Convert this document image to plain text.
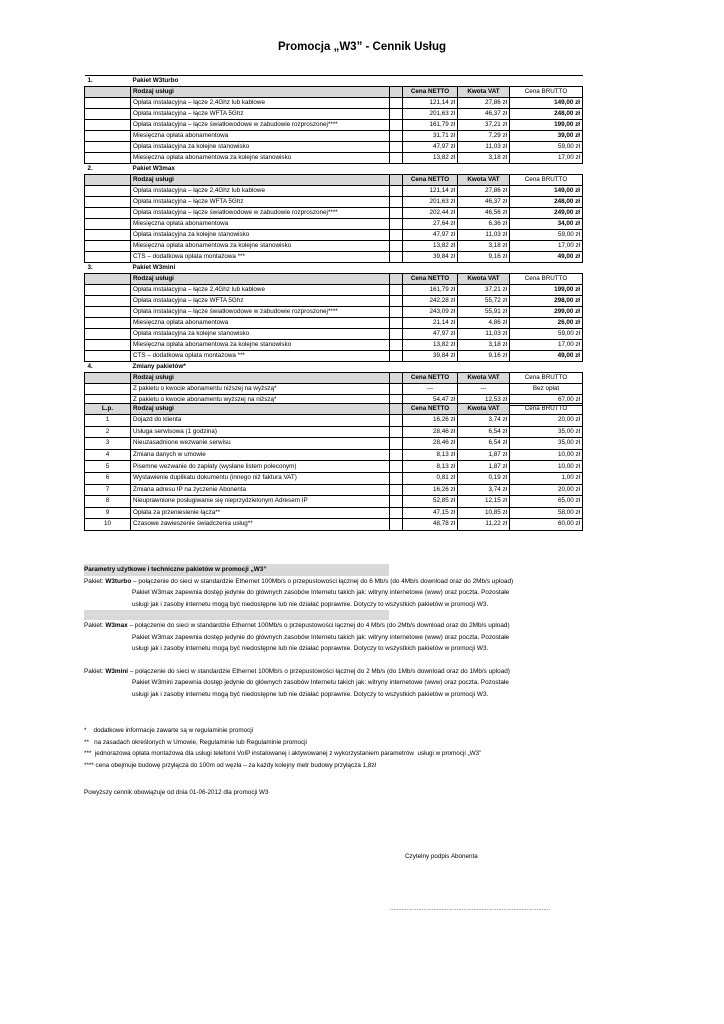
Promocja „W3” - Cennik Usług
1.	Pakiet W3turbo				
	Rodzaj usługi		Cena NETTO	Kwota VAT	Cena BRUTTO
	Opłata instalacyjna – łącze 2,4Ghz lub kablowe		121,14 zł	27,86 zł	149,00 zł
	Opłata instalacyjna – łącze WFTA 5Ghz		201,63 zł	46,37 zł	248,00 zł
	Opłata instalacyjna – łącze światłowodowe w zabudowie rozproszonej****		161,79 zł	37,21 zł	199,00 zł
	Miesięczna opłata abonamentowa		31,71 zł	7,29 zł	39,00 zł
	Opłata instalacyjna za kolejne stanowisko		47,97 zł	11,03 zł	59,00 zł
	Miesięczna opłata abonamentowa za kolejne stanowisko		13,82 zł	3,18 zł	17,00 zł
2.	Pakiet W3max				
	Rodzaj usługi		Cena NETTO	Kwota VAT	Cena BRUTTO
	Opłata instalacyjna – łącze 2,4Ghz lub kablowe		121,14 zł	27,86 zł	149,00 zł
	Opłata instalacyjna – łącze WFTA 5Ghz		201,63 zł	46,37 zł	248,00 zł
	Opłata instalacyjna – łącze światłowodowe w zabudowie rozproszonej****		202,44 zł	46,56 zł	249,00 zł
	Miesięczna opłata abonamentowa		27,64 zł	6,36 zł	34,00 zł
	Opłata instalacyjna za kolejne stanowisko		47,97 zł	11,03 zł	59,00 zł
	Miesięczna opłata abonamentowa za kolejne stanowisko		13,82 zł	3,18 zł	17,00 zł
	CTS – dodatkowa opłata montażowa ***		39,84 zł	9,16 zł	49,00 zł
3.	Pakiet W3mini				
	Rodzaj usługi		Cena NETTO	Kwota VAT	Cena BRUTTO
	Opłata instalacyjna – łącze 2,4Ghz lub kablowe		161,79 zł	37,21 zł	199,00 zł
	Opłata instalacyjna – łącze WFTA 5Ghz		242,28 zł	55,72 zł	298,00 zł
	Opłata instalacyjna – łącze światłowodowe w zabudowie rozproszonej****		243,09 zł	55,91 zł	299,00 zł
	Miesięczna opłata abonamentowa		21,14 zł	4,86 zł	26,00 zł
	Opłata instalacyjna za kolejne stanowisko		47,97 zł	11,03 zł	59,00 zł
	Miesięczna opłata abonamentowa za kolejne stanowisko		13,82 zł	3,18 zł	17,00 zł
	CTS – dodatkowa opłata montażowa ***		39,84 zł	9,16 zł	49,00 zł
4.	Zmiany pakietów*				
	Rodzaj usługi		Cena NETTO	Kwota VAT	Cena BRUTTO
	Z pakietu o kwocie abonamentu niższej na wyższą*		---	---	Bez opłat
	Z pakietu o kwocie abonamentu wyższej na niższą*		54,47 zł	12,53 zł	67,00 zł
L.p.	Rodzaj usługi		Cena NETTO	Kwota VAT	Cena BRUTTO
1	Dojazd do klienta		16,26 zł	3,74 zł	20,00 zł
2	Usługa serwisowa (1 godzina)		28,46 zł	6,54 zł	35,00 zł
3	Nieuzasadnione wezwanie serwisu		28,46 zł	6,54 zł	35,00 zł
4	Zmiana danych w umowie		8,13 zł	1,87 zł	10,00 zł
5	Pisemne wezwanie do zapłaty (wysłane listem poleconym)		8,13 zł	1,87 zł	10,00 zł
6	Wystawienie duplikatu dokumentu (innego niż faktura VAT)		0,81 zł	0,19 zł	1,00 zł
7	Zmiana adresu IP na życzenie Abonenta		16,26 zł	3,74 zł	20,00 zł
8	Nieuprawnione posługiwanie się nieprzydzielonym Adresem IP		52,85 zł	12,15 zł	65,00 zł
9	Opłata za przeniesienie łącza**		47,15 zł	10,85 zł	58,00 zł
10	Czasowe zawieszenie świadczenia usług**		48,78 zł	11,22 zł	60,00 zł
Parametry użytkowe i techniczne pakietów w promocji „W3”
Pakiet: W3turbo – połączenie do sieci w standardzie Ethernet 100Mb/s o przepustowości łącznej do 6 Mb/s (do 4Mb/s download oraz do 2Mb/s upload)
Pakiet W3max zapewnia dostęp jedynie do głównych zasobów Internetu takich jak: witryny internetowe (www) oraz poczta. Pozostałe
usługi jak i zasoby internetu mogą być niedostępne lub nie działać poprawnie. Dotyczy to wszystkich pakietów w promocji W3.
Pakiet: W3max – połączenie do sieci w standardzie Ethernet 100Mb/s o przepustowości łącznej do 4 Mb/s (do 2Mb/s download oraz do 2Mb/s upload)
Pakiet W3max zapewnia dostęp jedynie do głównych zasobów Internetu takich jak: witryny internetowe (www) oraz poczta. Pozostałe
usługi jak i zasoby internetu mogą być niedostępne lub nie działać poprawnie. Dotyczy to wszystkich pakietów w promocji W3.
Pakiet: W3mini – połączenie do sieci w standardzie Ethernet 100Mb/s o przepustowości łącznej do 2 Mb/s (do 1Mb/s download oraz do 1Mb/s upload)
Pakiet W3mini zapewnia dostęp jedynie do głównych zasobów Internetu takich jak: witryny internetowe (www) oraz poczta. Pozostałe
usługi jak i zasoby internetu mogą być niedostępne lub nie działać poprawnie. Dotyczy to wszystkich pakietów w promocji W3.
*    dodatkowe informacje zawarte są w regulaminie promocji
**   na zasadach określonych w Umowie, Regulaminie lub Regulaminie promocji
***  jednorazowa opłata montażowa dla usługi telefonii VoIP instalowanej i aktywowanej z wykorzystaniem parametrów  usługi w promocji „W3”
**** cena obejmuje budowę przyłącza do 100m od węzła – za każdy kolejny metr budowy przyłącza 1,8zł
Powyższy cennik obowiązuje od dnia 01-06-2012 dla promocji W3
Czytelny podpis Abonenta
................................................................................................
